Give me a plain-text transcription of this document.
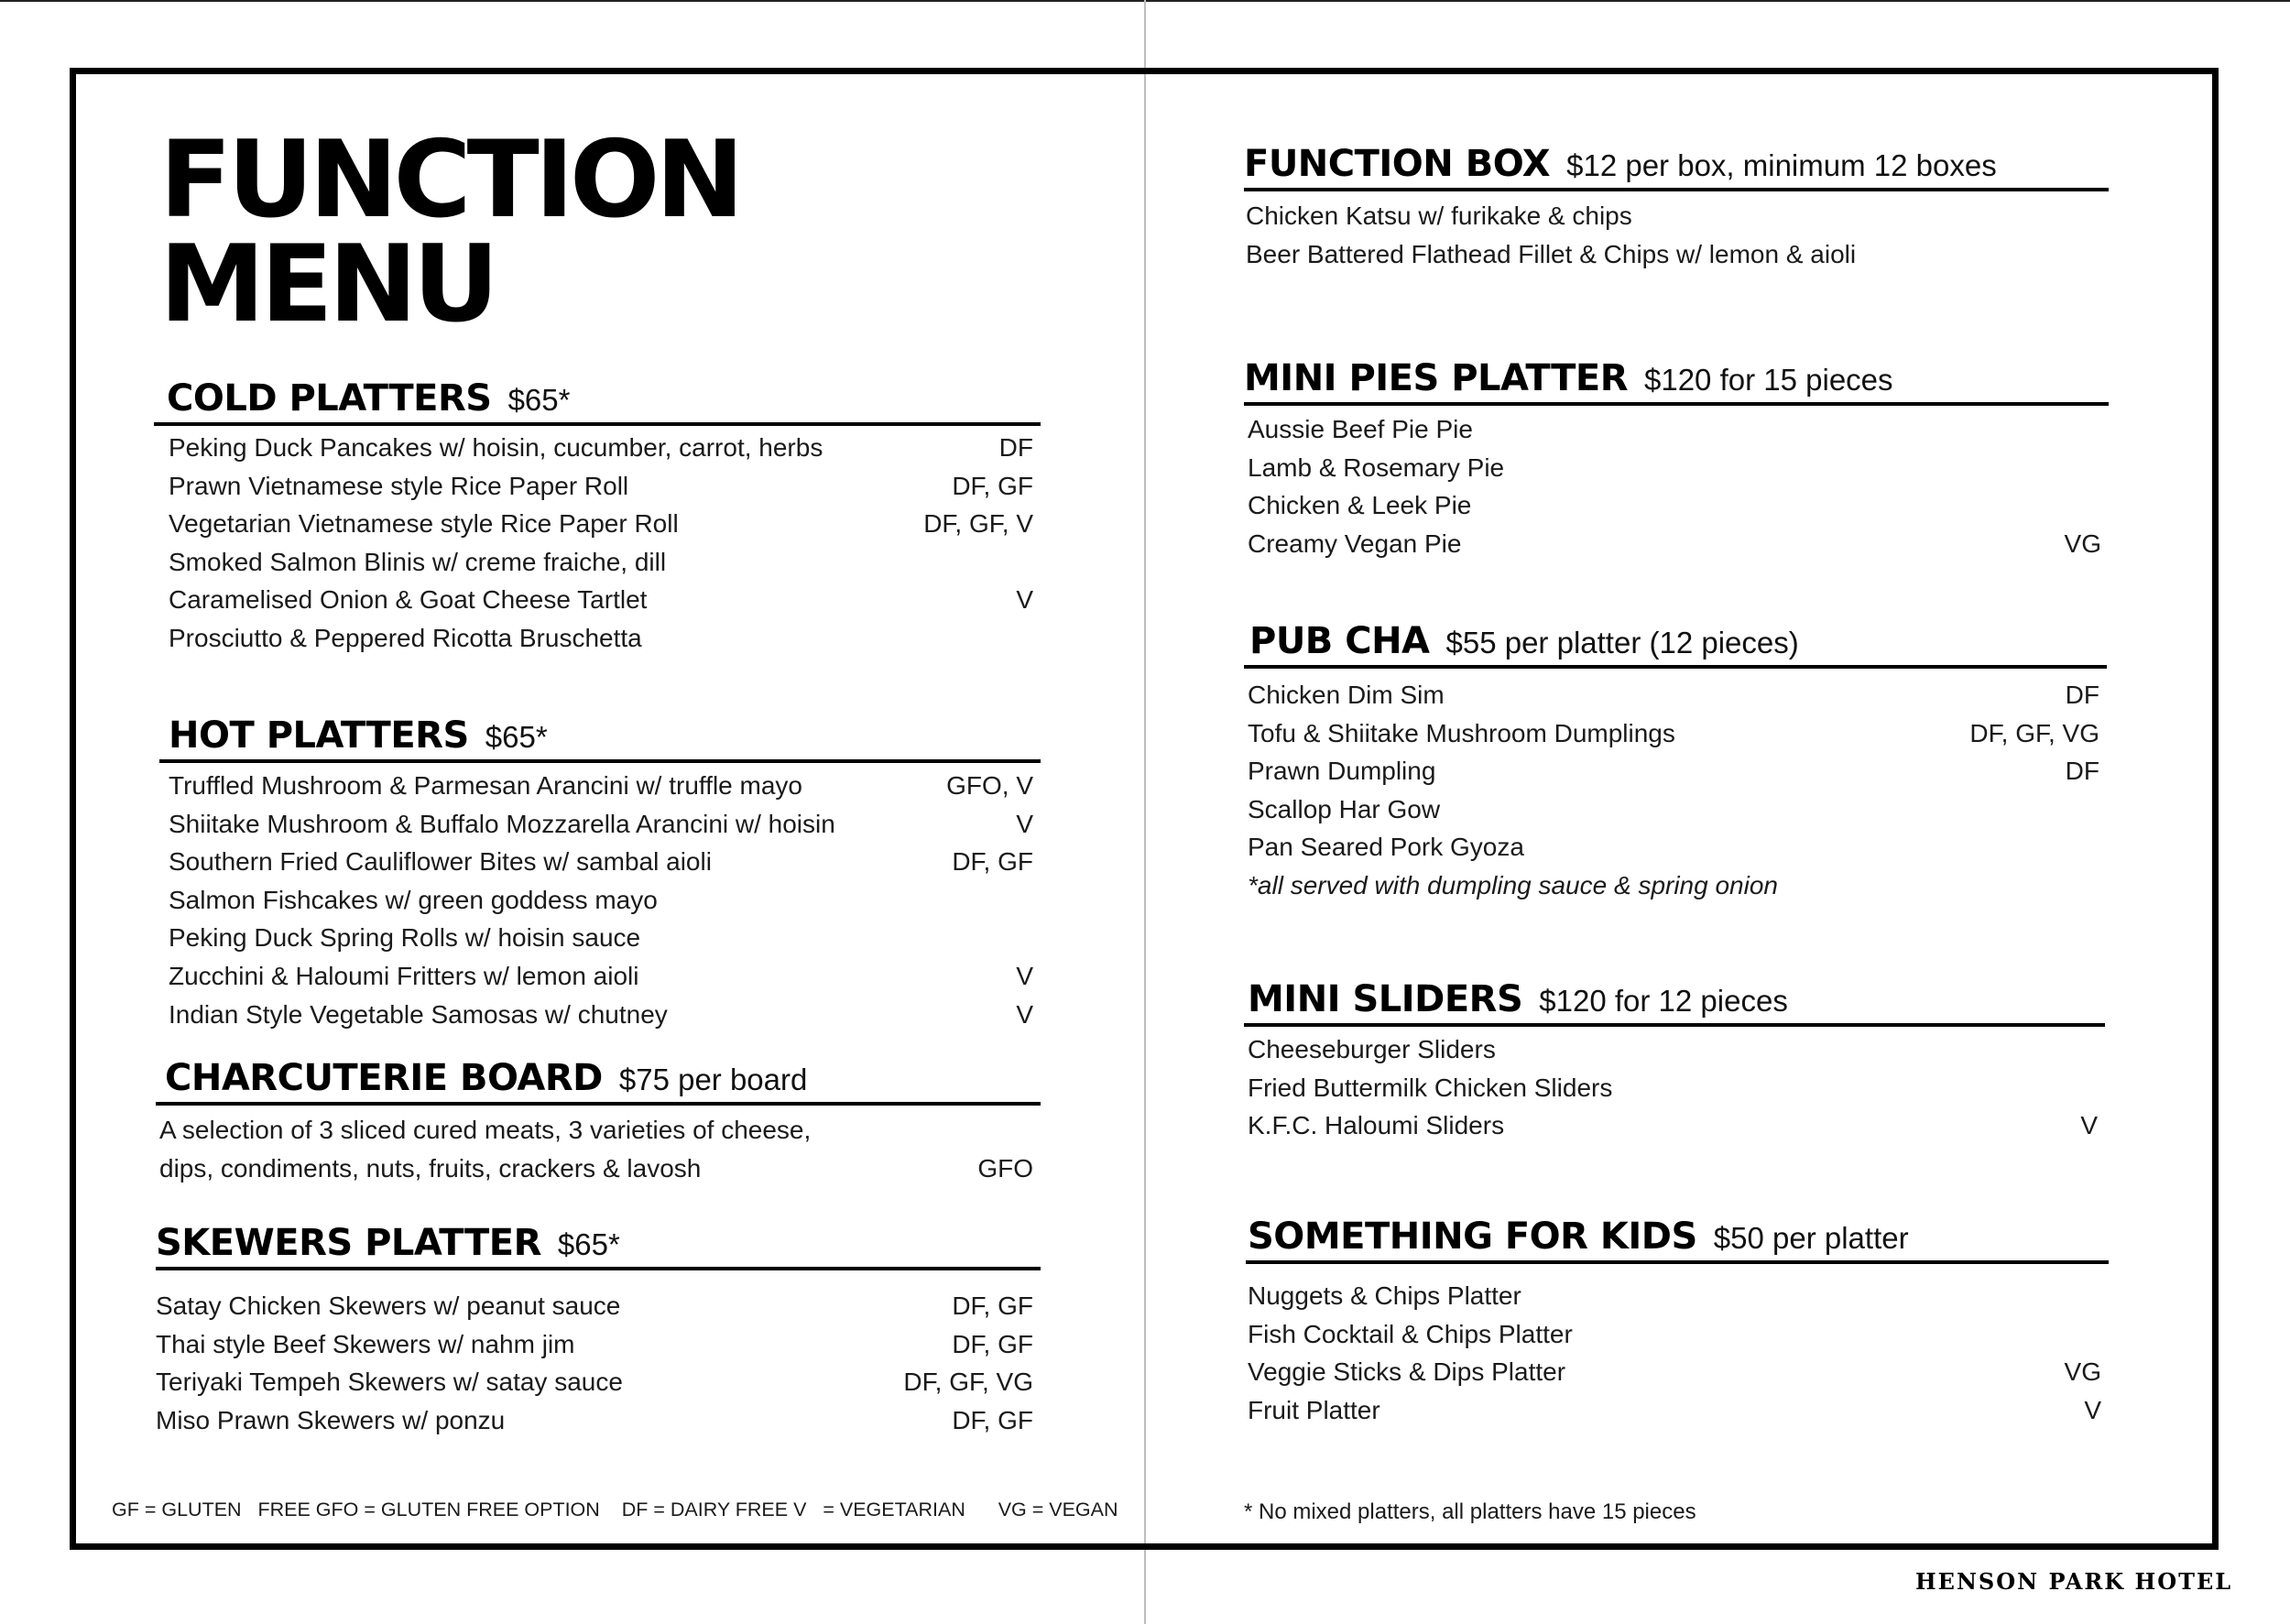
FUNCTION
MENU
COLD PLATTERS $65*
Peking Duck Pancakes w/ hoisin, cucumber, carrot, herbs	DF
Prawn Vietnamese style Rice Paper Roll	DF, GF
Vegetarian Vietnamese style Rice Paper Roll	DF, GF, V
Smoked Salmon Blinis w/ creme fraiche, dill
Caramelised Onion & Goat Cheese Tartlet	V
Prosciutto & Peppered Ricotta Bruschetta
HOT PLATTERS $65*
Truffled Mushroom & Parmesan Arancini w/ truffle mayo	GFO, V
Shiitake Mushroom & Buffalo Mozzarella Arancini w/ hoisin	V
Southern Fried Cauliflower Bites w/ sambal aioli	DF, GF
Salmon Fishcakes w/ green goddess mayo
Peking Duck Spring Rolls w/ hoisin sauce
Zucchini & Haloumi Fritters w/ lemon aioli	V
Indian Style Vegetable Samosas w/ chutney	V
CHARCUTERIE BOARD $75 per board
A selection of 3 sliced cured meats, 3 varieties of cheese,
dips, condiments, nuts, fruits, crackers & lavosh	GFO
SKEWERS PLATTER $65*
Satay Chicken Skewers w/ peanut sauce	DF, GF
Thai style Beef Skewers w/ nahm jim	DF, GF
Teriyaki Tempeh Skewers w/ satay sauce	DF, GF, VG
Miso Prawn Skewers w/ ponzu	DF, GF
FUNCTION BOX $12 per box, minimum 12 boxes
Chicken Katsu w/ furikake & chips
Beer Battered Flathead Fillet & Chips w/ lemon & aioli
MINI PIES PLATTER $120 for 15 pieces
Aussie Beef Pie Pie
Lamb & Rosemary Pie
Chicken & Leek Pie
Creamy Vegan Pie	VG
PUB CHA $55 per platter (12 pieces)
Chicken Dim Sim	DF
Tofu & Shiitake Mushroom Dumplings	DF, GF, VG
Prawn Dumpling	DF
Scallop Har Gow
Pan Seared Pork Gyoza
*all served with dumpling sauce & spring onion
MINI SLIDERS $120 for 12 pieces
Cheeseburger Sliders
Fried Buttermilk Chicken Sliders
K.F.C. Haloumi Sliders	V
SOMETHING FOR KIDS $50 per platter
Nuggets & Chips Platter
Fish Cocktail & Chips Platter
Veggie Sticks & Dips Platter	VG
Fruit Platter	V
GF = GLUTEN   FREE GFO = GLUTEN FREE OPTION    DF = DAIRY FREE V   = VEGETARIAN      VG = VEGAN	* No mixed platters, all platters have 15 pieces
HENSON PARK HOTEL
